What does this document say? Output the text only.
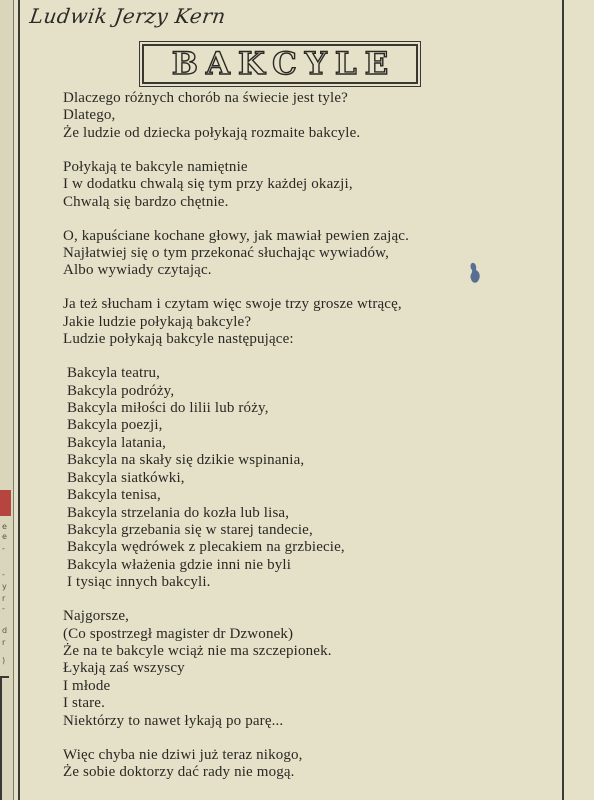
e
e
-
-
y
r
-
d
r
)
Ludwik Jerzy Kern
BAKCYLE
Dlaczego różnych chorób na świecie jest tyle?
Dlatego,
Że ludzie od dziecka połykają rozmaite bakcyle.
Połykają te bakcyle namiętnie
I w dodatku chwalą się tym przy każdej okazji,
Chwalą się bardzo chętnie.
O, kapuściane kochane głowy, jak mawiał pewien zając.
Najłatwiej się o tym przekonać słuchając wywiadów,
Albo wywiady czytając.
Ja też słucham i czytam więc swoje trzy grosze wtrącę,
Jakie ludzie połykają bakcyle?
Ludzie połykają bakcyle następujące:
Bakcyla teatru,
Bakcyla podróży,
Bakcyla miłości do lilii lub róży,
Bakcyla poezji,
Bakcyla latania,
Bakcyla na skały się dzikie wspinania,
Bakcyla siatkówki,
Bakcyla tenisa,
Bakcyla strzelania do kozła lub lisa,
Bakcyla grzebania się w starej tandecie,
Bakcyla wędrówek z plecakiem na grzbiecie,
Bakcyla włażenia gdzie inni nie byli
I tysiąc innych bakcyli.
Najgorsze,
(Co spostrzegł magister dr Dzwonek)
Że na te bakcyle wciąż nie ma szczepionek.
Łykają zaś wszyscy
I młode
I stare.
Niektórzy to nawet łykają po parę...
Więc chyba nie dziwi już teraz nikogo,
Że sobie doktorzy dać rady nie mogą.
